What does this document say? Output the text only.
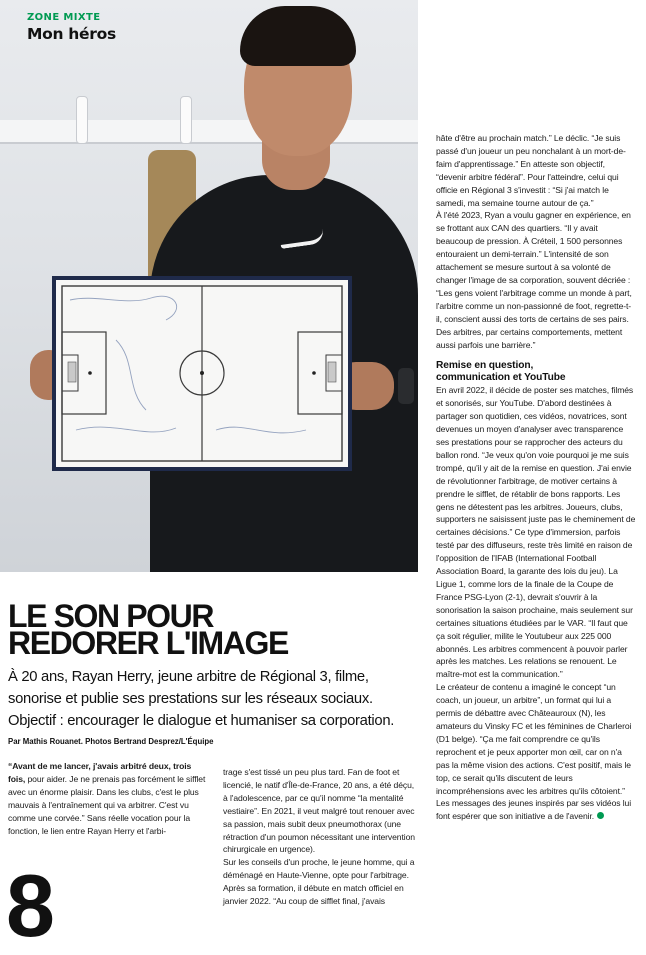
ZONE MIXTE

Mon héros

LE SON POUR
REDORER L'IMAGE

À 20 ans, Rayan Herry, jeune arbitre de Régional 3, filme, sonorise et publie ses prestations sur les réseaux sociaux. Objectif : encourager le dialogue et humaniser sa corporation.

Par Mathis Rouanet. Photos Bertrand Desprez/L'Équipe

“Avant de me lancer, j'avais arbitré deux, trois fois, pour aider. Je ne prenais pas forcément le sifflet avec un énorme plaisir. Dans les clubs, c'est le plus mauvais à l'entraînement qui va arbitrer. C'est vu comme une corvée.” Sans réelle vocation pour la fonction, le lien entre Rayan Herry et l'arbi-

trage s'est tissé un peu plus tard. Fan de foot et licencié, le natif d'Île-de-France, 20 ans, a été déçu, à l'adolescence, par ce qu'il nomme “la mentalité vestiaire”. En 2021, il veut malgré tout renouer avec sa passion, mais subit deux pneumothorax (une rétraction d'un poumon nécessitant une intervention chirurgicale en urgence).

Sur les conseils d'un proche, le jeune homme, qui a déménagé en Haute-Vienne, opte pour l'arbitrage. Après sa formation, il débute en match officiel en janvier 2022. “Au coup de sifflet final, j'avais

hâte d'être au prochain match.” Le déclic. “Je suis passé d'un joueur un peu nonchalant à un mort-de-faim d'apprentissage.” En atteste son objectif, “devenir arbitre fédéral”. Pour l'atteindre, celui qui officie en Régional 3 s'investit : “Si j'ai match le samedi, ma semaine tourne autour de ça.”

À l'été 2023, Ryan a voulu gagner en expérience, en se frottant aux CAN des quartiers. “Il y avait beaucoup de pression. À Créteil, 1 500 personnes entouraient un demi-terrain.” L'intensité de son attachement se mesure surtout à sa volonté de changer l'image de sa corporation, souvent décriée : “Les gens voient l'arbitrage comme un monde à part, l'arbitre comme un non-passionné de foot, regrette-t-il, conscient aussi des torts de certains de ses pairs. Des arbitres, par certains comportements, mettent aussi parfois une barrière.”

Remise en question,
communication et YouTube

En avril 2022, il décide de poster ses matches, filmés et sonorisés, sur YouTube. D'abord destinées à partager son quotidien, ces vidéos, novatrices, sont devenues un moyen d'analyser avec transparence ses prestations pour se rapprocher des acteurs du ballon rond. “Je veux qu'on voie pourquoi je me suis trompé, qu'il y ait de la remise en question. J'ai envie de révolutionner l'arbitrage, de motiver certains à prendre le sifflet, de rétablir de bons rapports. Les gens ne détestent pas les arbitres. Joueurs, clubs, supporters ne saisissent juste pas le cheminement de certaines décisions.” Ce type d'immersion, parfois testé par des diffuseurs, reste très limité en raison de l'opposition de l'IFAB (International Football Association Board, la garante des lois du jeu). La Ligue 1, comme lors de la finale de la Coupe de France PSG-Lyon (2-1), devrait s'ouvrir à la sonorisation la saison prochaine, mais seulement sur certaines situations étudiées par le VAR. “Il faut que ça soit régulier, milite le Youtubeur aux 225 000 abonnés. Les arbitres commencent à pouvoir parler après les matches. Les relations se renouent. Le maître-mot est la communication.”

Le créateur de contenu a imaginé le concept “un coach, un joueur, un arbitre”, un format qui lui a permis de débattre avec Châteauroux (N), les amateurs du Vinsky FC et les féminines de Charleroi (D1 belge). “Ça me fait comprendre ce qu'ils reprochent et je peux apporter mon œil, car on n'a pas la même vision des actions. C'est positif, mais le top, ce serait qu'ils discutent de leurs incompréhensions avec les arbitres qu'ils côtoient.” Les messages des jeunes inspirés par ses vidéos lui font espérer que son initiative a de l'avenir.

8
